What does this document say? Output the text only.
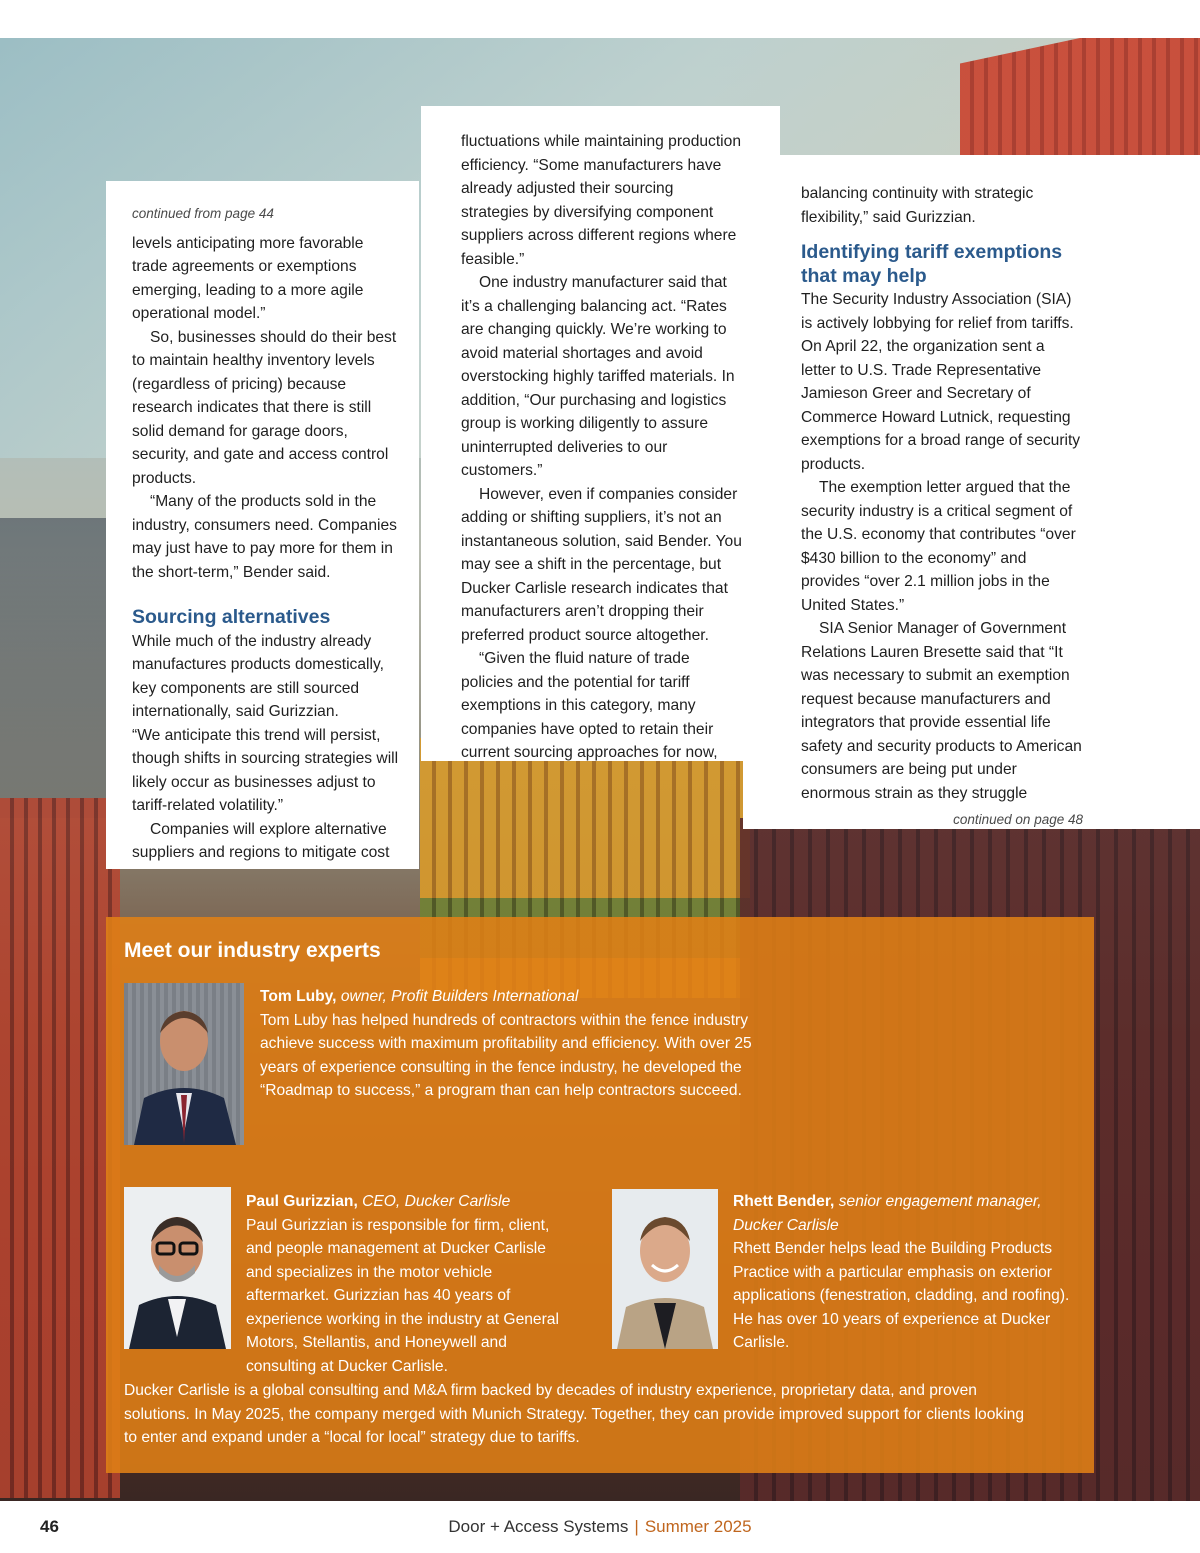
continued from page 44

levels anticipating more favorable trade agreements or exemptions emerging, leading to a more agile operational model.”

So, businesses should do their best to maintain healthy inventory levels (regardless of pricing) because research indicates that there is still solid demand for garage doors, security, and gate and access control products.

“Many of the products sold in the industry, consumers need. Companies may just have to pay more for them in the short-term,” Bender said.

Sourcing alternatives

While much of the industry already manufactures products domestically, key components are still sourced internationally, said Gurizzian.

“We anticipate this trend will persist, though shifts in sourcing strategies will likely occur as businesses adjust to tariff-related volatility.”

Companies will explore alternative suppliers and regions to mitigate cost

fluctuations while maintaining production efficiency. “Some manufacturers have already adjusted their sourcing strategies by diversifying component suppliers across different regions where feasible.”

One industry manufacturer said that it’s a challenging balancing act. “Rates are changing quickly. We’re working to avoid material shortages and avoid overstocking highly tariffed materials. In addition, “Our purchasing and logistics group is working diligently to assure uninterrupted deliveries to our customers.”

However, even if companies consider adding or shifting suppliers, it’s not an instantaneous solution, said Bender. You may see a shift in the percentage, but Ducker Carlisle research indicates that manufacturers aren’t dropping their preferred product source altogether.

“Given the fluid nature of trade policies and the potential for tariff exemptions in this category, many companies have opted to retain their current sourcing approaches for now,

balancing continuity with strategic flexibility,” said Gurizzian.

Identifying tariff exemptions that may help

The Security Industry Association (SIA) is actively lobbying for relief from tariffs. On April 22, the organization sent a letter to U.S. Trade Representative Jamieson Greer and Secretary of Commerce Howard Lutnick, requesting exemptions for a broad range of security products.

The exemption letter argued that the security industry is a critical segment of the U.S. economy that contributes “over $430 billion to the economy” and provides “over 2.1 million jobs in the United States.”

SIA Senior Manager of Government Relations Lauren Bresette said that “It was necessary to submit an exemption request because manufacturers and integrators that provide essential life safety and security products to American consumers are being put under enormous strain as they struggle

continued on page 48

Meet our industry experts
Tom Luby, owner, Profit Builders International
Tom Luby has helped hundreds of contractors within the fence industry achieve success with maximum profitability and efficiency. With over 25 years of experience consulting in the fence industry, he developed the “Roadmap to success,” a program than can help contractors succeed.
Paul Gurizzian, CEO, Ducker Carlisle
Paul Gurizzian is responsible for firm, client, and people management at Ducker Carlisle and specializes in the motor vehicle aftermarket. Gurizzian has 40 years of experience working in the industry at General Motors, Stellantis, and Honeywell and consulting at Ducker Carlisle.
Rhett Bender, senior engagement manager, Ducker Carlisle
Rhett Bender helps lead the Building Products Practice with a particular emphasis on exterior applications (fenestration, cladding, and roofing). He has over 10 years of experience at Ducker Carlisle.
Ducker Carlisle is a global consulting and M&A firm backed by decades of industry experience, proprietary data, and proven solutions. In May 2025, the company merged with Munich Strategy. Together, they can provide improved support for clients looking to enter and expand under a “local for local” strategy due to tariffs.
46	Door + Access Systems | Summer 2025
